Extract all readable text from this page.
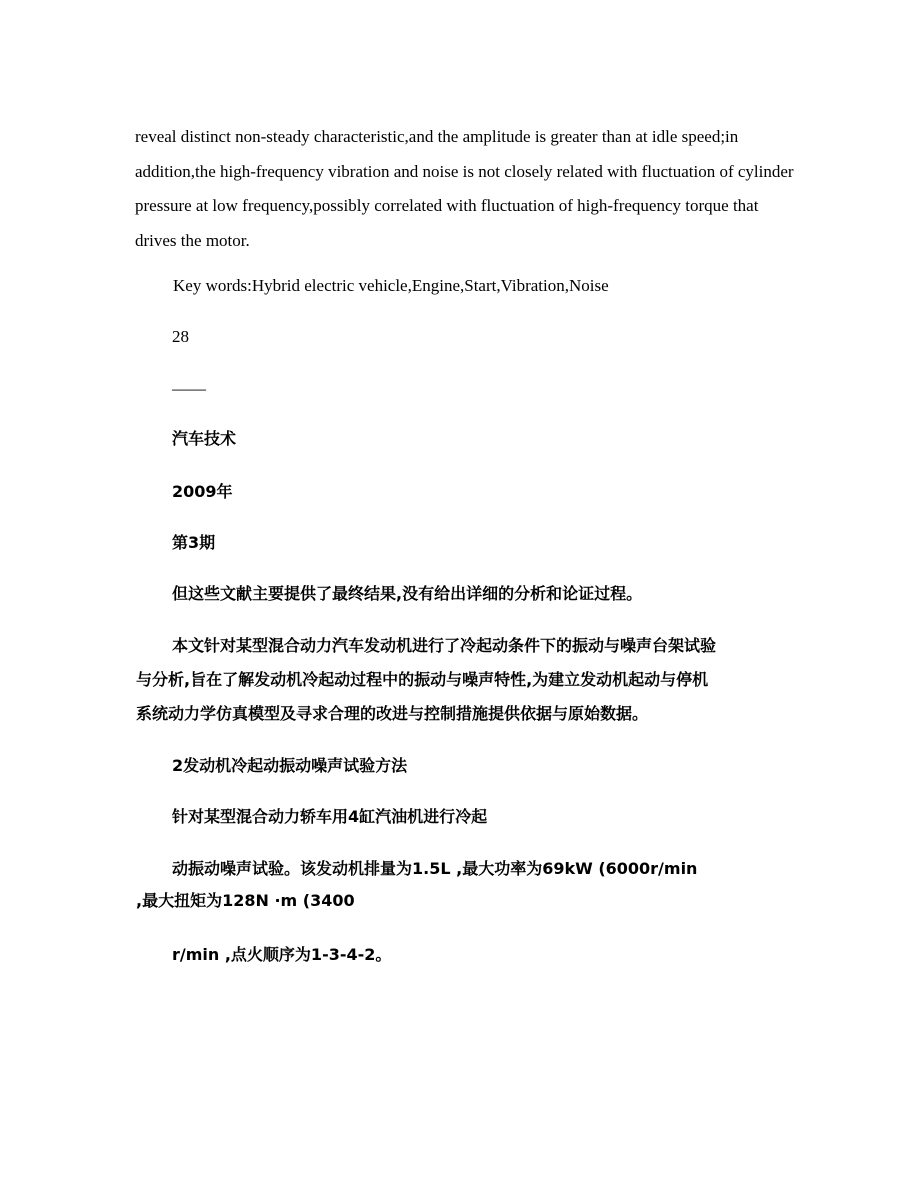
reveal distinct non-steady characteristic,and the amplitude is greater than at idle speed;in addition,the high-frequency vibration and noise is not closely related with fluctuation of cylinder pressure at low frequency,possibly correlated with fluctuation of high-frequency torque that drives the motor.
Key words:Hybrid electric vehicle,Engine,Start,Vibration,Noise
28
——
汽车技术
2009年
第3期
但这些文献主要提供了最终结果,没有给出详细的分析和论证过程。
本文针对某型混合动力汽车发动机进行了冷起动条件下的振动与噪声台架试验
与分析,旨在了解发动机冷起动过程中的振动与噪声特性,为建立发动机起动与停机
系统动力学仿真模型及寻求合理的改进与控制措施提供依据与原始数据。
2发动机冷起动振动噪声试验方法
针对某型混合动力轿车用4缸汽油机进行冷起
动振动噪声试验。该发动机排量为1.5L ,最大功率为69kW (6000r/min
,最大扭矩为128N ·m (3400
r/min ,点火顺序为1-3-4-2。
